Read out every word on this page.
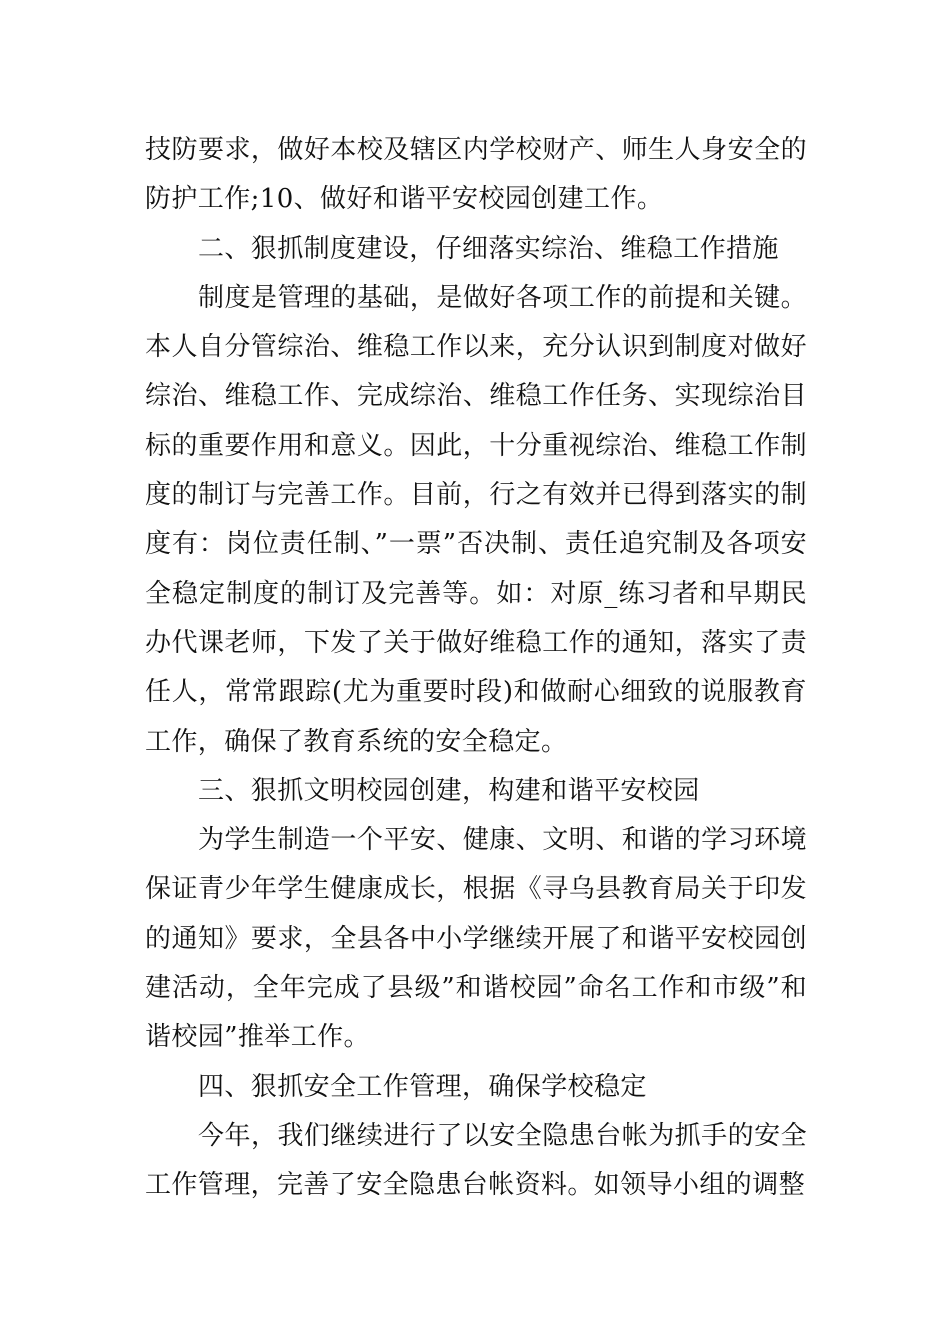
技防要求，做好本校及辖区内学校财产、师生人身安全的防护工作;10、做好和谐平安校园创建工作。

二、狠抓制度建设，仔细落实综治、维稳工作措施

制度是管理的基础，是做好各项工作的前提和关键。本人自分管综治、维稳工作以来，充分认识到制度对做好综治、维稳工作、完成综治、维稳工作任务、实现综治目标的重要作用和意义。因此，十分重视综治、维稳工作制度的制订与完善工作。目前，行之有效并已得到落实的制度有：岗位责任制、”一票”否决制、责任追究制及各项安全稳定制度的制订及完善等。如：对原_练习者和早期民办代课老师，下发了关于做好维稳工作的通知，落实了责任人，常常跟踪(尤为重要时段)和做耐心细致的说服教育工作，确保了教育系统的安全稳定。

三、狠抓文明校园创建，构建和谐平安校园

为学生制造一个平安、健康、文明、和谐的学习环境保证青少年学生健康成长，根据《寻乌县教育局关于印发的通知》要求，全县各中小学继续开展了和谐平安校园创建活动，全年完成了县级”和谐校园”命名工作和市级”和谐校园”推举工作。

四、狠抓安全工作管理，确保学校稳定

今年，我们继续进行了以安全隐患台帐为抓手的安全工作管理，完善了安全隐患台帐资料。如领导小组的调整
